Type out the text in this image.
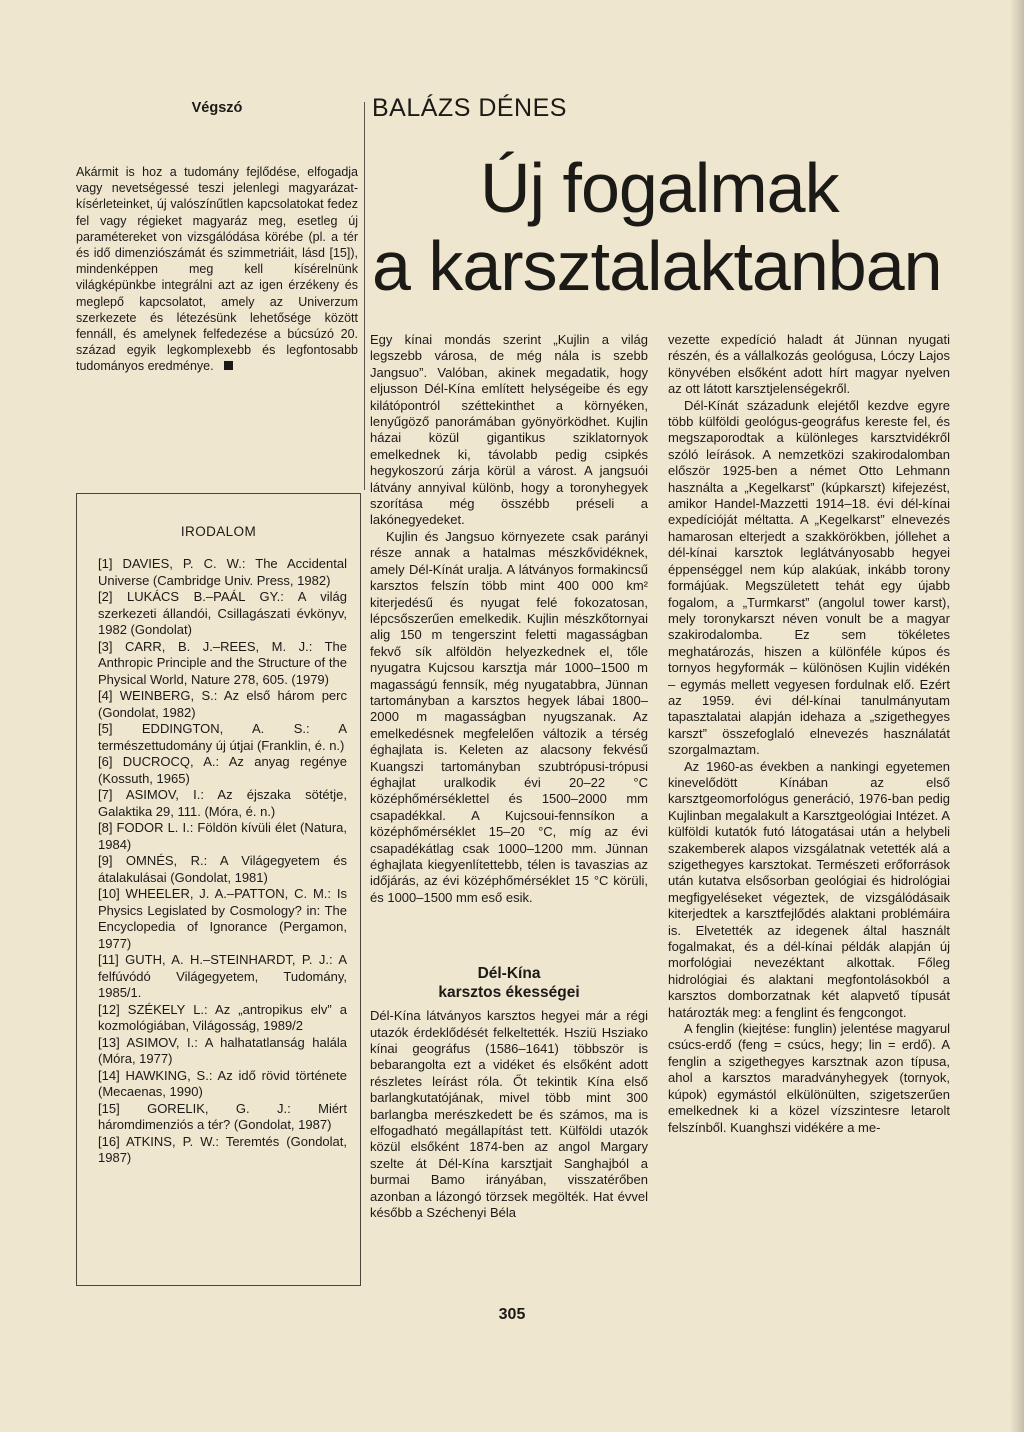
Végszó

Akármit is hoz a tudomány fejlődése, elfogadja vagy nevetségessé teszi jelenlegi magyarázat-kísérleteinket, új valószínűtlen kapcsolatokat fedez fel vagy régieket magyaráz meg, esetleg új paramétereket von vizsgálódása körébe (pl. a tér és idő dimenziószámát és szimmetriáit, lásd [15]), mindenképpen meg kell kísérelnünk világképünkbe integrálni azt az igen érzékeny és meglepő kapcsolatot, amely az Univerzum szerkezete és létezésünk lehetősége között fennáll, és amelynek felfedezése a búcsúzó 20. század egyik legkomplexebb és legfontosabb tudományos eredménye.

IRODALOM
[1] DAVIES, P. C. W.: The Accidental Universe (Cambridge Univ. Press, 1982)
[2] LUKÁCS B.–PAÁL GY.: A világ szerkezeti állandói, Csillagászati évkönyv, 1982 (Gondolat)
[3] CARR, B. J.–REES, M. J.: The Anthropic Principle and the Structure of the Physical World, Nature 278, 605. (1979)
[4] WEINBERG, S.: Az első három perc (Gondolat, 1982)
[5] EDDINGTON, A. S.: A természettudomány új útjai (Franklin, é. n.)
[6] DUCROCQ, A.: Az anyag regénye (Kossuth, 1965)
[7] ASIMOV, I.: Az éjszaka sötétje, Galaktika 29, 111. (Móra, é. n.)
[8] FODOR L. I.: Földön kívüli élet (Natura, 1984)
[9] OMNÉS, R.: A Világegyetem és átalakulásai (Gondolat, 1981)
[10] WHEELER, J. A.–PATTON, C. M.: Is Physics Legislated by Cosmology? in: The Encyclopedia of Ignorance (Pergamon, 1977)
[11] GUTH, A. H.–STEINHARDT, P. J.: A felfúvódó Világegyetem, Tudomány, 1985/1.
[12] SZÉKELY L.: Az „antropikus elv” a kozmológiában, Világosság, 1989/2
[13] ASIMOV, I.: A halhatatlanság halála (Móra, 1977)
[14] HAWKING, S.: Az idő rövid története (Mecaenas, 1990)
[15] GORELIK, G. J.: Miért háromdimenziós a tér? (Gondolat, 1987)
[16] ATKINS, P. W.: Teremtés (Gondolat, 1987)
BALÁZS DÉNES
Új fogalmak
a karsztalaktanban

Egy kínai mondás szerint „Kujlin a világ legszebb városa, de még nála is szebb Jangsuo”. Valóban, akinek megadatik, hogy eljusson Dél-Kína említett helységeibe és egy kilátópontról széttekinthet a környéken, lenyűgöző panorámában gyönyörködhet. Kujlin házai közül gigantikus sziklatornyok emelkednek ki, távolabb pedig csipkés hegykoszorú zárja körül a várost. A jangsuói látvány annyival különb, hogy a toronyhegyek szorítása még összébb préseli a lakónegyedeket.

Kujlin és Jangsuo környezete csak parányi része annak a hatalmas mészkővidéknek, amely Dél-Kínát uralja. A látványos formakincsű karsztos felszín több mint 400 000 km² kiterjedésű és nyugat felé fokozatosan, lépcsőszerűen emelkedik. Kujlin mészkőtornyai alig 150 m tengerszint feletti magasságban fekvő sík alföldön helyezkednek el, tőle nyugatra Kujcsou karsztja már 1000–1500 m magasságú fennsík, még nyugatabbra, Jünnan tartományban a karsztos hegyek lábai 1800–2000 m magasságban nyugszanak. Az emelkedésnek megfelelően változik a térség éghajlata is. Keleten az alacsony fekvésű Kuangszi tartományban szubtrópusi-trópusi éghajlat uralkodik évi 20–22 °C középhőmérséklettel és 1500–2000 mm csapadékkal. A Kujcsoui-fennsíkon a középhőmérséklet 15–20 °C, míg az évi csapadékátlag csak 1000–1200 mm. Jünnan éghajlata kiegyenlítettebb, télen is tavaszias az időjárás, az évi középhőmérséklet 15 °C körüli, és 1000–1500 mm eső esik.

Dél-Kína
karsztos ékességei

Dél-Kína látványos karsztos hegyei már a régi utazók érdeklődését felkeltették. Hsziü Hsziako kínai geográfus (1586–1641) többször is bebarangolta ezt a vidéket és elsőként adott részletes leírást róla. Őt tekintik Kína első barlangkutatójának, mivel több mint 300 barlangba merészkedett be és számos, ma is elfogadható megállapítást tett. Külföldi utazók közül elsőként 1874-ben az angol Margary szelte át Dél-Kína karsztjait Sanghajból a burmai Bamo irányában, visszatérőben azonban a lázongó törzsek megölték. Hat évvel később a Széchenyi Béla

vezette expedíció haladt át Jünnan nyugati részén, és a vállalkozás geológusa, Lóczy Lajos könyvében elsőként adott hírt magyar nyelven az ott látott karsztjelenségekről.

Dél-Kínát századunk elejétől kezdve egyre több külföldi geológus-geográfus kereste fel, és megszaporodtak a különleges karsztvidékről szóló leírások. A nemzetközi szakirodalomban először 1925-ben a német Otto Lehmann használta a „Kegelkarst” (kúpkarszt) kifejezést, amikor Handel-Mazzetti 1914–18. évi dél-kínai expedícióját méltatta. A „Kegelkarst” elnevezés hamarosan elterjedt a szakkörökben, jóllehet a dél-kínai karsztok leglátványosabb hegyei éppenséggel nem kúp alakúak, inkább torony formájúak. Megszületett tehát egy újabb fogalom, a „Turmkarst” (angolul tower karst), mely toronykarszt néven vonult be a magyar szakirodalomba. Ez sem tökéletes meghatározás, hiszen a különféle kúpos és tornyos hegyformák – különösen Kujlin vidékén – egymás mellett vegyesen fordulnak elő. Ezért az 1959. évi dél-kínai tanulmányutam tapasztalatai alapján idehaza a „szigethegyes karszt” összefoglaló elnevezés használatát szorgalmaztam.

Az 1960-as években a nankingi egyetemen kinevelődött Kínában az első karsztgeomorfológus generáció, 1976-ban pedig Kujlinban megalakult a Karsztgeológiai Intézet. A külföldi kutatók futó látogatásai után a helybeli szakemberek alapos vizsgálatnak vetették alá a szigethegyes karsztokat. Természeti erőforrások után kutatva elsősorban geológiai és hidrológiai megfigyeléseket végeztek, de vizsgálódásaik kiterjedtek a karsztfejlődés alaktani problémáira is. Elvetették az idegenek által használt fogalmakat, és a dél-kínai példák alapján új morfológiai nevezéktant alkottak. Főleg hidrológiai és alaktani megfontolásokból a karsztos domborzatnak két alapvető típusát határozták meg: a fenglint és fengcongot.

A fenglin (kiejtése: funglin) jelentése magyarul csúcs-erdő (feng = csúcs, hegy; lin = erdő). A fenglin a szigethegyes karsztnak azon típusa, ahol a karsztos maradványhegyek (tornyok, kúpok) egymástól elkülönülten, szigetszerűen emelkednek ki a közel vízszintesre letarolt felszínből. Kuanghszi vidékére a me-

305
